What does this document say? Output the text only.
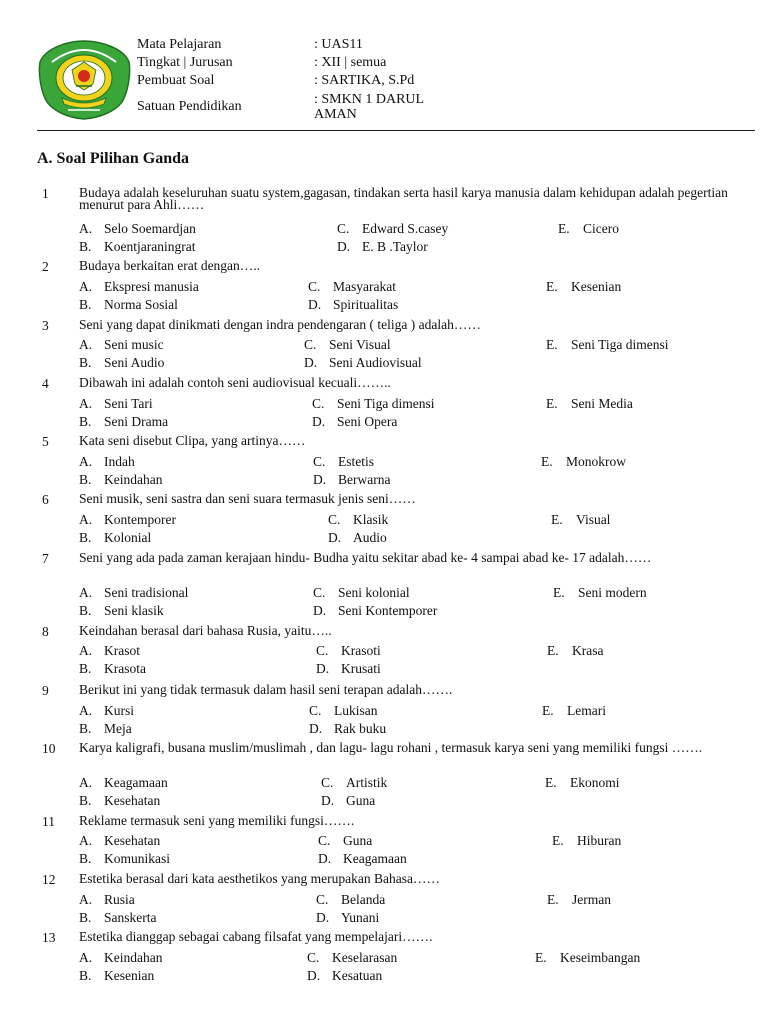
Mata Pelajaran	: UAS11
Tingkat | Jurusan	: XII | semua
Pembuat Soal	: SARTIKA, S.Pd
Satuan Pendidikan	: SMKN 1 DARUL AMAN
A. Soal Pilihan Ganda
1 Budaya adalah keseluruhan suatu system,gagasan, tindakan serta hasil karya manusia dalam kehidupan adalah pegertian menurut para Ahli……
A. Selo Soemardjan
B. Koentjaraningrat
C. Edward S.casey
D. E. B .Taylor
E. Cicero
2 Budaya berkaitan erat dengan…..
A. Ekspresi manusia
B. Norma Sosial
C. Masyarakat
D. Spiritualitas
E. Kesenian
3 Seni yang dapat dinikmati dengan indra pendengaran ( teliga ) adalah……
A. Seni music
B. Seni Audio
C. Seni Visual
D. Seni Audiovisual
E. Seni Tiga dimensi
4 Dibawah ini adalah contoh seni audiovisual kecuali……..
A. Seni Tari
B. Seni Drama
C. Seni Tiga dimensi
D. Seni Opera
E. Seni Media
5 Kata seni disebut Clipa, yang artinya……
A. Indah
B. Keindahan
C. Estetis
D. Berwarna
E. Monokrow
6 Seni musik, seni sastra dan seni suara termasuk jenis seni……
A. Kontemporer
B. Kolonial
C. Klasik
D. Audio
E. Visual
7 Seni yang ada pada zaman kerajaan hindu- Budha yaitu sekitar abad ke- 4 sampai abad ke- 17 adalah……
A. Seni tradisional
B. Seni klasik
C. Seni kolonial
D. Seni Kontemporer
E. Seni modern
8 Keindahan berasal dari bahasa Rusia, yaitu…..
A. Krasot
B. Krasota
C. Krasoti
D. Krusati
E. Krasa
9 Berikut ini yang tidak termasuk dalam hasil seni terapan adalah…….
A. Kursi
B. Meja
C. Lukisan
D. Rak buku
E. Lemari
10 Karya kaligrafi, busana muslim/muslimah , dan lagu- lagu rohani , termasuk karya seni yang memiliki fungsi …….
A. Keagamaan
B. Kesehatan
C. Artistik
D. Guna
E. Ekonomi
11 Reklame termasuk seni yang memiliki fungsi…….
A. Kesehatan
B. Komunikasi
C. Guna
D. Keagamaan
E. Hiburan
12 Estetika berasal dari kata aesthetikos yang merupakan Bahasa……
A. Rusia
B. Sanskerta
C. Belanda
D. Yunani
E. Jerman
13 Estetika dianggap sebagai cabang filsafat yang mempelajari…….
A. Keindahan
B. Kesenian
C. Keselarasan
D. Kesatuan
E. Keseimbangan
